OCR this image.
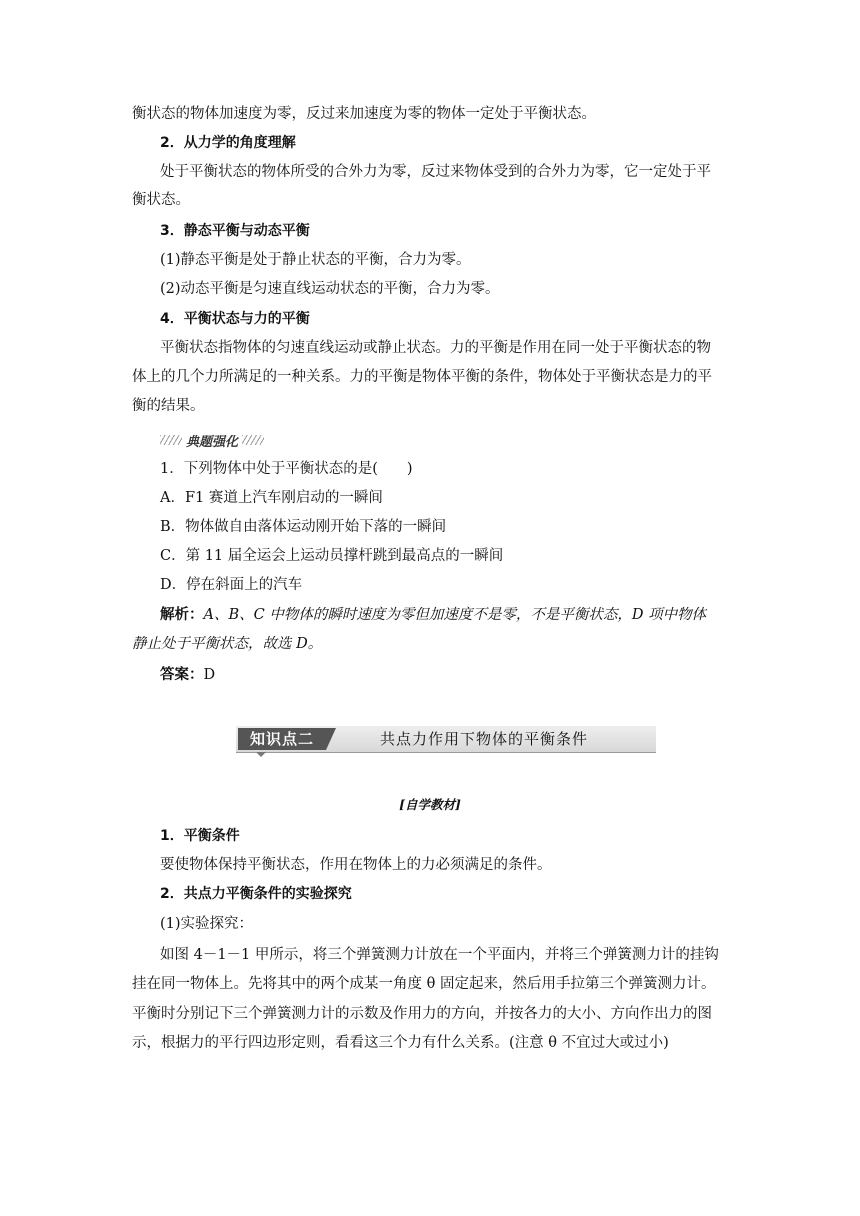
衡状态的物体加速度为零，反过来加速度为零的物体一定处于平衡状态。
2．从力学的角度理解
处于平衡状态的物体所受的合外力为零，反过来物体受到的合外力为零，它一定处于平
衡状态。
3．静态平衡与动态平衡
(1)静态平衡是处于静止状态的平衡，合力为零。
(2)动态平衡是匀速直线运动状态的平衡，合力为零。
4．平衡状态与力的平衡
平衡状态指物体的匀速直线运动或静止状态。力的平衡是作用在同一处于平衡状态的物
体上的几个力所满足的一种关系。力的平衡是物体平衡的条件，物体处于平衡状态是力的平
衡的结果。
典题强化
1．下列物体中处于平衡状态的是(　　)
A．F1 赛道上汽车刚启动的一瞬间
B．物体做自由落体运动刚开始下落的一瞬间
C．第 11 届全运会上运动员撑杆跳到最高点的一瞬间
D．停在斜面上的汽车
解析：A、B、C 中物体的瞬时速度为零但加速度不是零，不是平衡状态，D 项中物体
静止处于平衡状态，故选 D。
答案：D
知识点二	共点力作用下物体的平衡条件
[自学教材]
1．平衡条件
要使物体保持平衡状态，作用在物体上的力必须满足的条件。
2．共点力平衡条件的实验探究
(1)实验探究：
如图 4－1－1 甲所示，将三个弹簧测力计放在一个平面内，并将三个弹簧测力计的挂钩
挂在同一物体上。先将其中的两个成某一角度 θ 固定起来，然后用手拉第三个弹簧测力计。
平衡时分别记下三个弹簧测力计的示数及作用力的方向，并按各力的大小、方向作出力的图
示，根据力的平行四边形定则，看看这三个力有什么关系。(注意 θ 不宜过大或过小)
